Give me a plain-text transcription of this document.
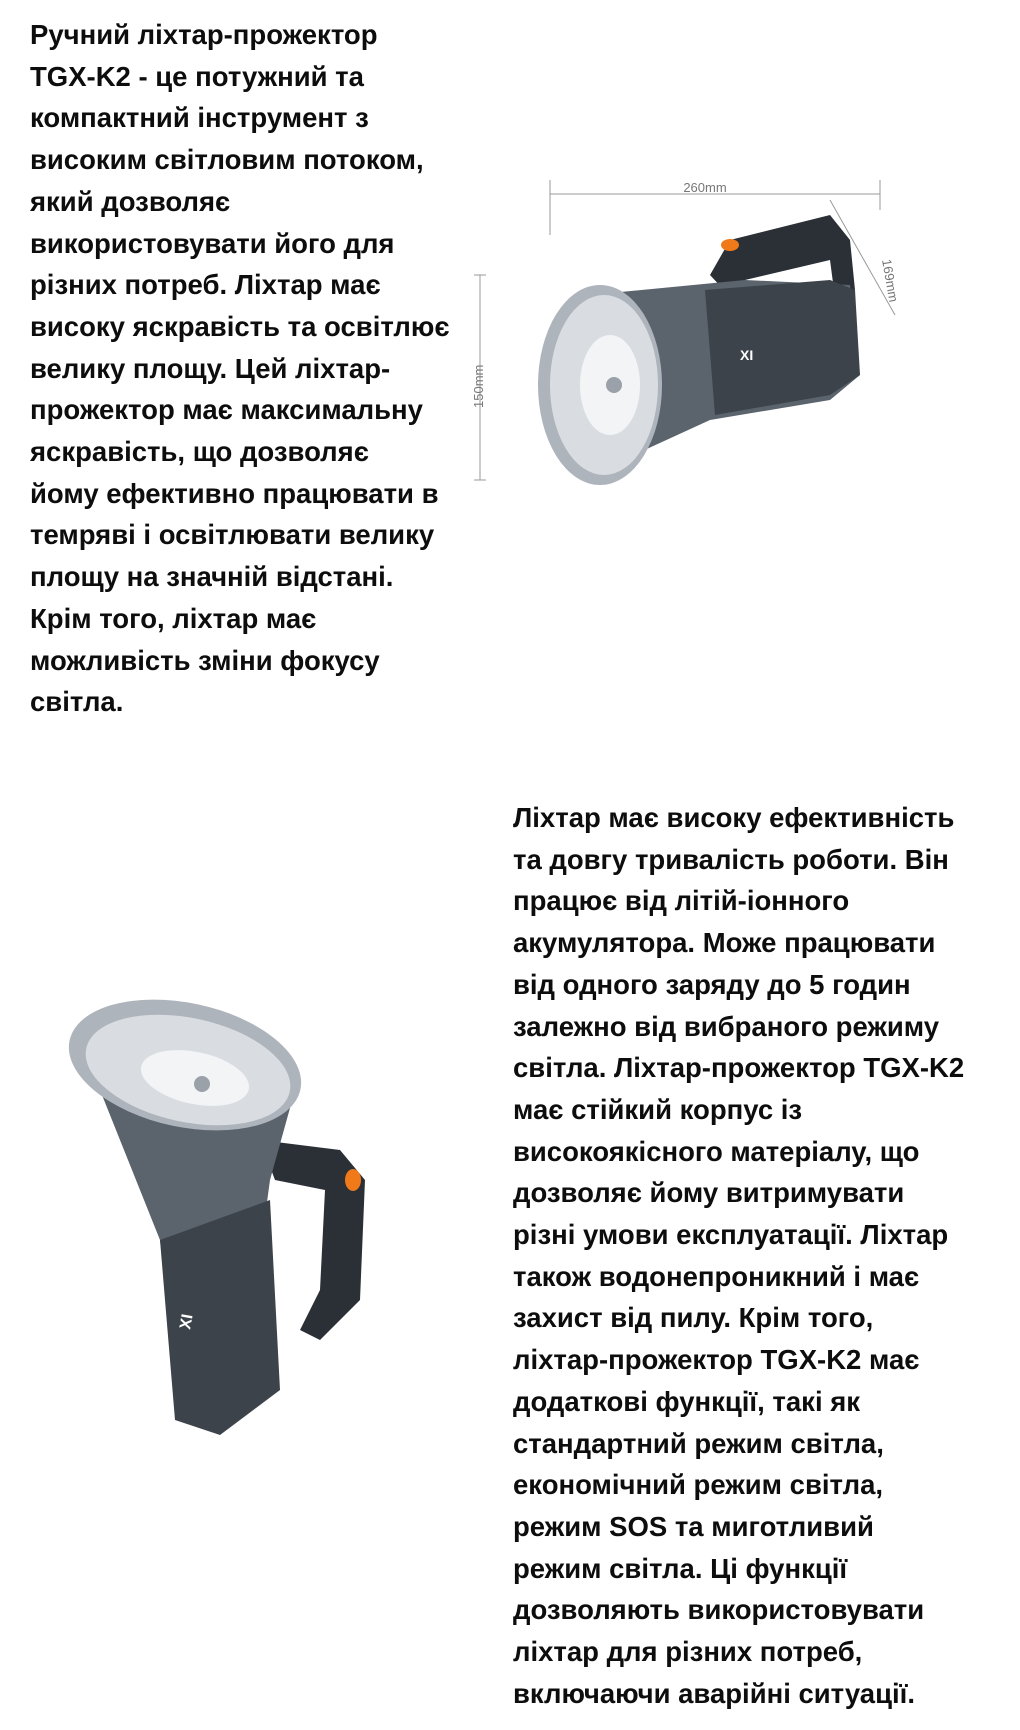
Ручний ліхтар-прожектор
TGX-K2 - це потужний та
компактний інструмент з
високим світловим потоком,
який дозволяє
використовувати його для
різних потреб. Ліхтар має
високу яскравість та освітлює
велику площу. Цей ліхтар-
прожектор має максимальну
яскравість, що дозволяє
йому ефективно працювати в
темряві і освітлювати велику
площу на значній відстані.
Крім того, ліхтар має
можливість зміни фокусу
світла.
260mm
169mm
150mm
XI
XI
Ліхтар має високу ефективність
та довгу тривалість роботи. Він
працює від літій-іонного
акумулятора. Може працювати
від одного заряду до 5 годин
залежно від вибраного режиму
світла. Ліхтар-прожектор TGX-K2
має стійкий корпус із
високоякісного матеріалу, що
дозволяє йому витримувати
різні умови експлуатації. Ліхтар
також водонепроникний і має
захист від пилу. Крім того,
ліхтар-прожектор TGX-K2 має
додаткові функції, такі як
стандартний режим світла,
економічний режим світла,
режим SOS та миготливий
режим світла. Ці функції
дозволяють використовувати
ліхтар для різних потреб,
включаючи аварійні ситуації.
